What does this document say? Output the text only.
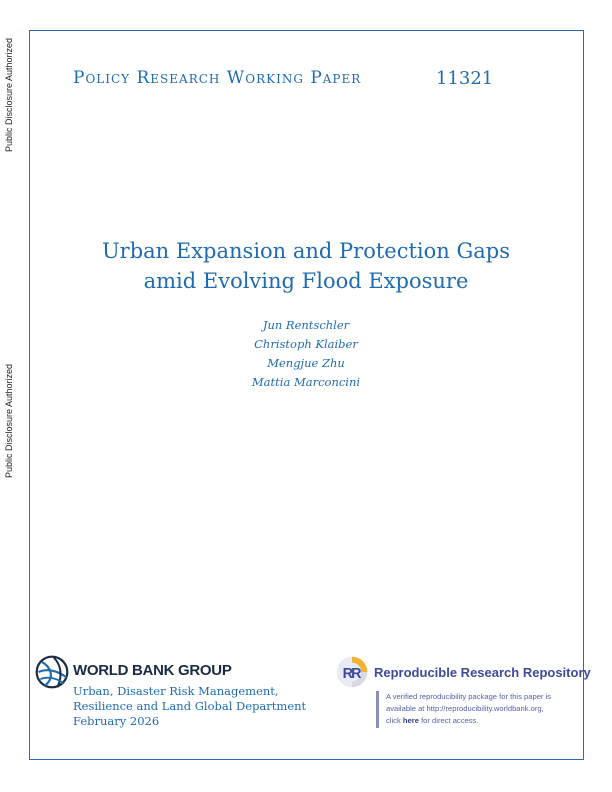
Public Disclosure Authorized
Public Disclosure Authorized
Policy Research Working Paper	11321
Urban Expansion and Protection Gaps
amid Evolving Flood Exposure
Jun Rentschler
Christoph Klaiber
Mengjue Zhu
Mattia Marconcini
WORLD BANK GROUP
Urban, Disaster Risk Management,
Resilience and Land Global Department
February 2026
R
R Reproducible Research Repository
A verified reproducibility package for this paper is
available at http://reproducibility.worldbank.org,
click here for direct access.
